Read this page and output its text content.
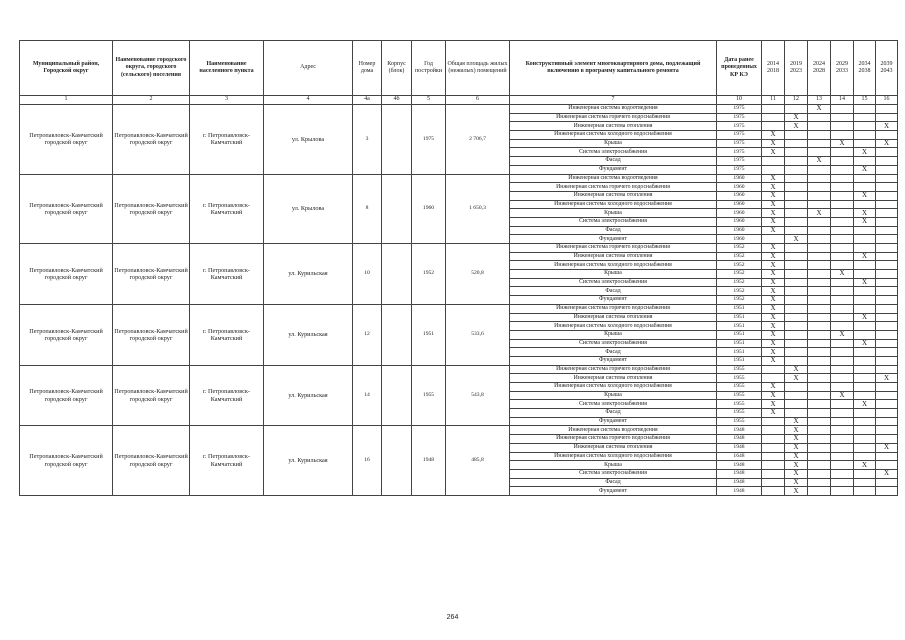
Муниципальный район, Городской округ	Наименование городского округа, городского (сельского) поселения	Наименование населенного пункта	Адрес	Номер дома	Корпус (блок)	Год постройки	Общая площадь жилых (нежилых) помещений	Конструктивный элемент многоквартирного дома, подлежащий включению в программу капитального ремонта	Дата ранее проведенных КР КЭ	2014 2018	2019 2023	2024 2028	2029 2033	2034 2038	2039 2043
1	2	3	4	4а	4б	5	6	7	10	11	12	13	14	15	16
Петропавловск-Камчатский городской округ	Петропавловск-Камчатский городской округ	г. Петропавловск-Камчатский	ул. Крылова	3		1975	2 706,7	Инженерная система водоотведения	1975			X			
								Инженерная система горячего водоснабжения	1975		X				
								Инженерная система отопления	1975		X				X
								Инженерная система холодного водоснабжения	1975	X					
								Крыша	1975	X			X		X
								Система электроснабжения	1975	X				X	
								Фасад	1975			X			
								Фундамент	1975					X	
Петропавловск-Камчатский городской округ	Петропавловск-Камчатский городской округ	г. Петропавловск-Камчатский	ул. Крылова	8		1960	1 650,3	Инженерная система водоотведения	1960	X					
								Инженерная система горячего водоснабжения	1960	X					
								Инженерная система отопления	1960	X				X	
								Инженерная система холодного водоснабжения	1960	X					
								Крыша	1960	X		X		X	
								Система электроснабжения	1960	X				X	
								Фасад	1960	X					
								Фундамент	1960		X				
Петропавловск-Камчатский городской округ	Петропавловск-Камчатский городской округ	г. Петропавловск-Камчатский	ул. Курильская	10		1952	520,8	Инженерная система горячего водоснабжения	1952	X					
								Инженерная система отопления	1952	X				X	
								Инженерная система холодного водоснабжения	1952	X					
								Крыша	1952	X			X		
								Система электроснабжения	1952	X				X	
								Фасад	1952	X					
								Фундамент	1952	X					
Петропавловск-Камчатский городской округ	Петропавловск-Камчатский городской округ	г. Петропавловск-Камчатский	ул. Курильская	12		1951	533,6	Инженерная система горячего водоснабжения	1951	X					
								Инженерная система отопления	1951	X				X	
								Инженерная система холодного водоснабжения	1951	X					
								Крыша	1951	X			X		
								Система электроснабжения	1951	X				X	
								Фасад	1951	X					
								Фундамент	1951	X					
Петропавловск-Камчатский городской округ	Петропавловск-Камчатский городской округ	г. Петропавловск-Камчатский	ул. Курильская	14		1955	543,8	Инженерная система горячего водоснабжения	1955		X				
								Инженерная система отопления	1955		X				X
								Инженерная система холодного водоснабжения	1955	X					
								Крыша	1955	X			X		
								Система электроснабжения	1955	X				X	
								Фасад	1955	X					
								Фундамент	1955		X				
Петропавловск-Камчатский городской округ	Петропавловск-Камчатский городской округ	г. Петропавловск-Камчатский	ул. Курильская	16		1948	485,8	Инженерная система водоотведения	1948		X				
								Инженерная система горячего водоснабжения	1948		X				
								Инженерная система отопления	1948		X				X
								Инженерная система холодного водоснабжения	1648		X				
								Крыша	1948		X			X	
								Система электроснабжения	1948		X				X
								Фасад	1948		X				
								Фундамент	1948		X				
264
